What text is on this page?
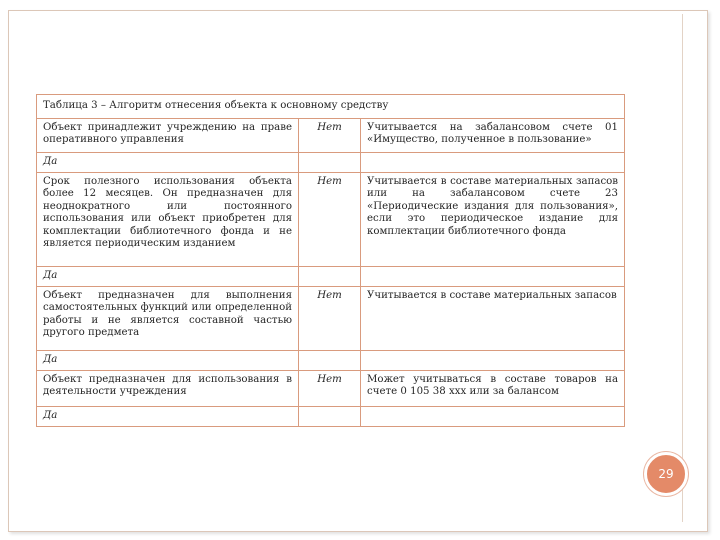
Таблица 3 – Алгоритм отнесения объекта к основному средству		
Объект принадлежит учреждению на праве оперативного управления	Нет	Учитывается на забалансовом счете 01 «Имущество, полученное в пользование»
Да		
Срок полезного использования объекта более 12 месяцев. Он предназначен для неоднократного или постоянного использования или объект приобретен для комплектации библиотечного фонда и не является периодическим изданием	Нет	Учитывается в составе материальных запасов или на забалансовом счете 23 «Периодические издания для пользования», если это периодическое издание для комплектации библиотечного фонда
Да		
Объект предназначен для выполнения самостоятельных функций или определенной работы и не является составной частью другого предмета	Нет	Учитывается в составе материальных запасов
Да		
Объект предназначен для использования в деятельности учреждения	Нет	Может учитываться в составе товаров на счете 0 105 38 xxx или за балансом
Да		
29
